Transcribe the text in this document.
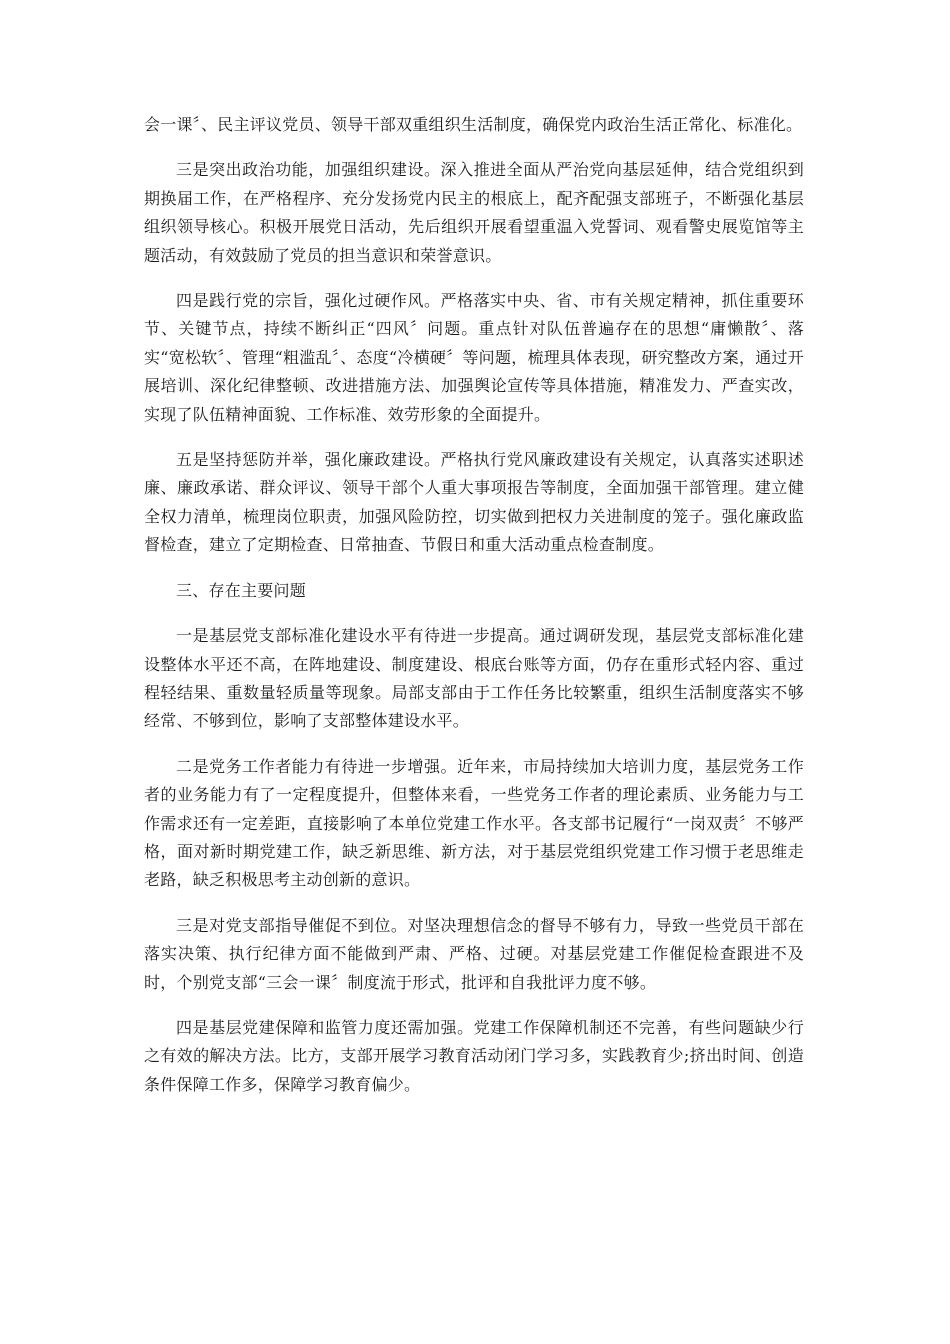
会一课〞、民主评议党员、领导干部双重组织生活制度，确保党内政治生活正常化、标准化。

三是突出政治功能，加强组织建设。深入推进全面从严治党向基层延伸，结合党组织到期换届工作，在严格程序、充分发扬党内民主的根底上，配齐配强支部班子，不断强化基层组织领导核心。积极开展党日活动，先后组织开展看望重温入党誓词、观看警史展览馆等主题活动，有效鼓励了党员的担当意识和荣誉意识。

四是践行党的宗旨，强化过硬作风。严格落实中央、省、市有关规定精神，抓住重要环节、关键节点，持续不断纠正“四风〞问题。重点针对队伍普遍存在的思想“庸懒散〞、落实“宽松软〞、管理“粗滥乱〞、态度“冷横硬〞等问题，梳理具体表现，研究整改方案，通过开展培训、深化纪律整顿、改进措施方法、加强舆论宣传等具体措施，精准发力、严查实改，实现了队伍精神面貌、工作标准、效劳形象的全面提升。

五是坚持惩防并举，强化廉政建设。严格执行党风廉政建设有关规定，认真落实述职述廉、廉政承诺、群众评议、领导干部个人重大事项报告等制度，全面加强干部管理。建立健全权力清单，梳理岗位职责，加强风险防控，切实做到把权力关进制度的笼子。强化廉政监督检查，建立了定期检查、日常抽查、节假日和重大活动重点检查制度。

三、存在主要问题

一是基层党支部标准化建设水平有待进一步提高。通过调研发现，基层党支部标准化建设整体水平还不高，在阵地建设、制度建设、根底台账等方面，仍存在重形式轻内容、重过程轻结果、重数量轻质量等现象。局部支部由于工作任务比较繁重，组织生活制度落实不够经常、不够到位，影响了支部整体建设水平。

二是党务工作者能力有待进一步增强。近年来，市局持续加大培训力度，基层党务工作者的业务能力有了一定程度提升，但整体来看，一些党务工作者的理论素质、业务能力与工作需求还有一定差距，直接影响了本单位党建工作水平。各支部书记履行“一岗双责〞不够严格，面对新时期党建工作，缺乏新思维、新方法，对于基层党组织党建工作习惯于老思维走老路，缺乏积极思考主动创新的意识。

三是对党支部指导催促不到位。对坚决理想信念的督导不够有力，导致一些党员干部在落实决策、执行纪律方面不能做到严肃、严格、过硬。对基层党建工作催促检查跟进不及时，个别党支部“三会一课〞制度流于形式，批评和自我批评力度不够。

四是基层党建保障和监管力度还需加强。党建工作保障机制还不完善，有些问题缺少行之有效的解决方法。比方，支部开展学习教育活动闭门学习多，实践教育少;挤出时间、创造条件保障工作多，保障学习教育偏少。
